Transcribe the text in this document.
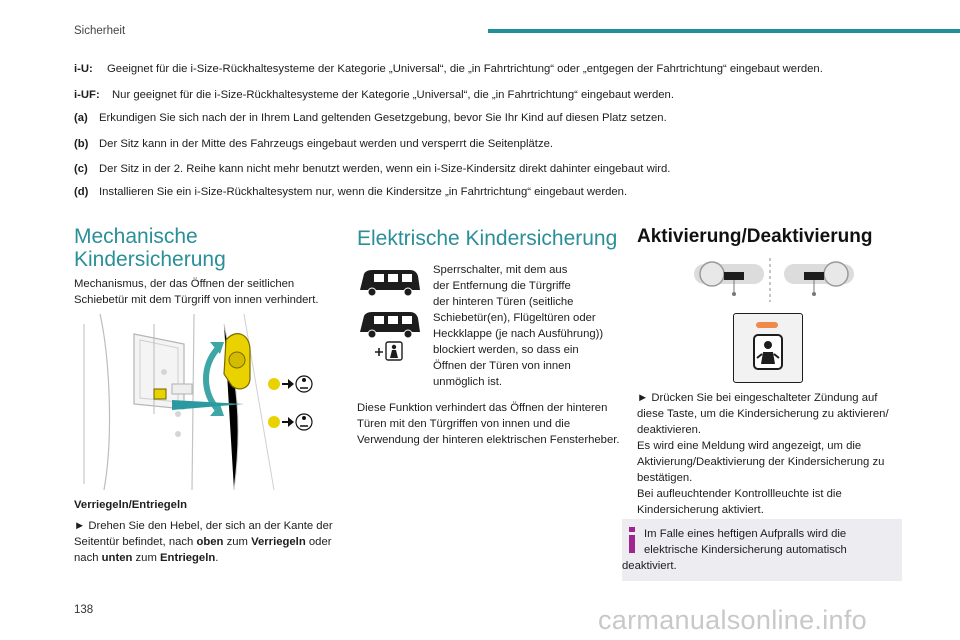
Sicherheit
i-U: Geeignet für die i-Size-Rückhaltesysteme der Kategorie „Universal“, die „in Fahrtrichtung“ oder „entgegen der Fahrtrichtung“ eingebaut werden.
i-UF: Nur geeignet für die i-Size-Rückhaltesysteme der Kategorie „Universal“, die „in Fahrtrichtung“ eingebaut werden.
(a) Erkundigen Sie sich nach der in Ihrem Land geltenden Gesetzgebung, bevor Sie Ihr Kind auf diesen Platz setzen.
(b) Der Sitz kann in der Mitte des Fahrzeugs eingebaut werden und versperrt die Seitenplätze.
(c) Der Sitz in der 2. Reihe kann nicht mehr benutzt werden, wenn ein i-Size-Kindersitz direkt dahinter eingebaut wird.
(d) Installieren Sie ein i-Size-Rückhaltesystem nur, wenn die Kindersitze „in Fahrtrichtung“ eingebaut werden.
Mechanische
Kindersicherung
Mechanismus, der das Öffnen der seitlichen
Schiebetür mit dem Türgriff von innen verhindert.
Verriegeln/Entriegeln
► Drehen Sie den Hebel, der sich an der Kante der
Seitentür befindet, nach oben zum Verriegeln oder
nach unten zum Entriegeln.
Elektrische Kindersicherung
Sperrschalter, mit dem aus
der Entfernung die Türgriffe
der hinteren Türen (seitliche
Schiebetür(en), Flügeltüren oder
Heckklappe (je nach Ausführung))
blockiert werden, so dass ein
Öffnen der Türen von innen
unmöglich ist.
Diese Funktion verhindert das Öffnen der hinteren
Türen mit den Türgriffen von innen und die
Verwendung der hinteren elektrischen Fensterheber.
Aktivierung/Deaktivierung
► Drücken Sie bei eingeschalteter Zündung auf
diese Taste, um die Kindersicherung zu aktivieren/
deaktivieren.
Es wird eine Meldung wird angezeigt, um die
Aktivierung/Deaktivierung der Kindersicherung zu
bestätigen.
Bei aufleuchtender Kontrollleuchte ist die
Kindersicherung aktiviert.
Im Falle eines heftigen Aufpralls wird die
elektrische Kindersicherung automatisch
deaktiviert.
138	carmanualsonline.info
